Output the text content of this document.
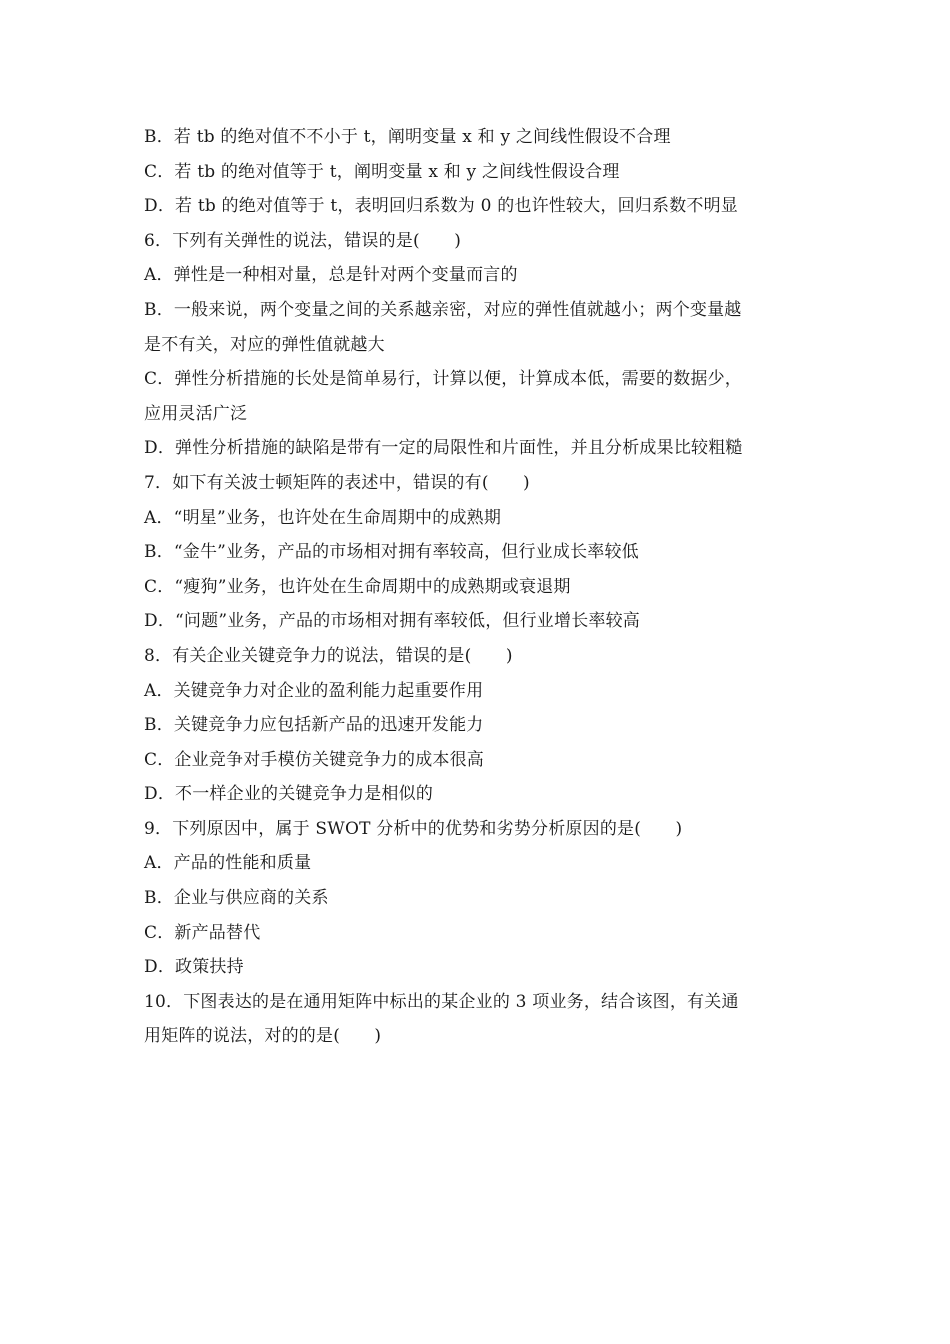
B．若 tb 的绝对值不不小于 t，阐明变量 x 和 y 之间线性假设不合理
C．若 tb 的绝对值等于 t，阐明变量 x 和 y 之间线性假设合理
D．若 tb 的绝对值等于 t，表明回归系数为 0 的也许性较大，回归系数不明显
6．下列有关弹性的说法，错误的是(　　)
A．弹性是一种相对量，总是针对两个变量而言的
B．一般来说，两个变量之间的关系越亲密，对应的弹性值就越小；两个变量越
是不有关，对应的弹性值就越大
C．弹性分析措施的长处是简单易行，计算以便，计算成本低，需要的数据少，
应用灵活广泛
D．弹性分析措施的缺陷是带有一定的局限性和片面性，并且分析成果比较粗糙
7．如下有关波士顿矩阵的表述中，错误的有(　　)
A．“明星”业务，也许处在生命周期中的成熟期
B．“金牛”业务，产品的市场相对拥有率较高，但行业成长率较低
C．“瘦狗”业务，也许处在生命周期中的成熟期或衰退期
D．“问题”业务，产品的市场相对拥有率较低，但行业增长率较高
8．有关企业关键竞争力的说法，错误的是(　　)
A．关键竞争力对企业的盈利能力起重要作用
B．关键竞争力应包括新产品的迅速开发能力
C．企业竞争对手模仿关键竞争力的成本很高
D．不一样企业的关键竞争力是相似的
9．下列原因中，属于 SWOT 分析中的优势和劣势分析原因的是(　　)
A．产品的性能和质量
B．企业与供应商的关系
C．新产品替代
D．政策扶持
10．下图表达的是在通用矩阵中标出的某企业的 3 项业务，结合该图，有关通
用矩阵的说法，对的的是(　　)
